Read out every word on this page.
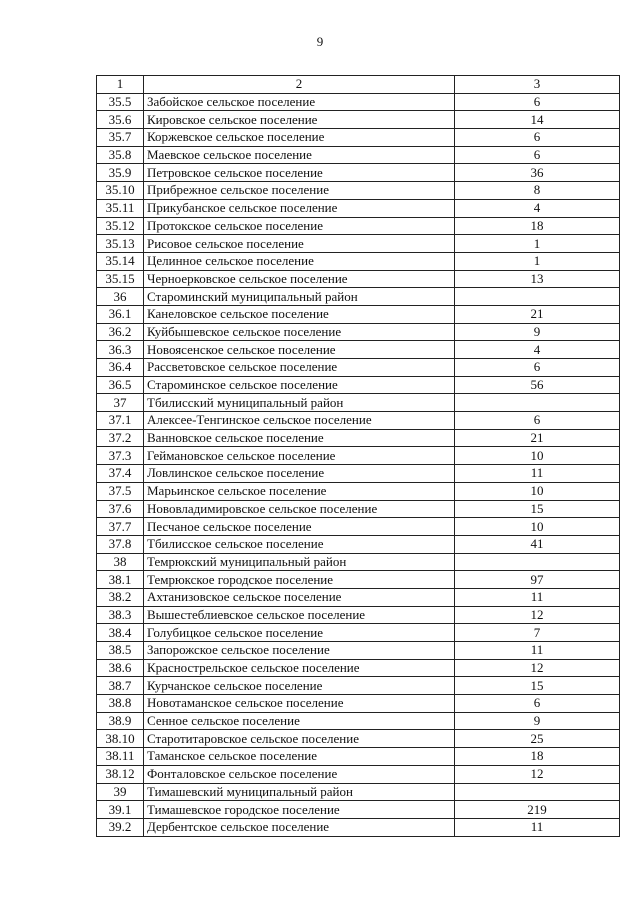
9
1	2	3
35.5	Забойское сельское поселение	6
35.6	Кировское сельское поселение	14
35.7	Коржевское сельское поселение	6
35.8	Маевское сельское поселение	6
35.9	Петровское сельское поселение	36
35.10	Прибрежное сельское поселение	8
35.11	Прикубанское сельское поселение	4
35.12	Протокское сельское поселение	18
35.13	Рисовое сельское поселение	1
35.14	Целинное сельское поселение	1
35.15	Черноерковское сельское поселение	13
36	Староминский муниципальный район	
36.1	Канеловское сельское поселение	21
36.2	Куйбышевское сельское поселение	9
36.3	Новоясенское сельское поселение	4
36.4	Рассветовское сельское поселение	6
36.5	Староминское сельское поселение	56
37	Тбилисский муниципальный район	
37.1	Алексее-Тенгинское сельское поселение	6
37.2	Ванновское сельское поселение	21
37.3	Геймановское сельское поселение	10
37.4	Ловлинское сельское поселение	11
37.5	Марьинское сельское поселение	10
37.6	Нововладимировское сельское поселение	15
37.7	Песчаное сельское поселение	10
37.8	Тбилисское сельское поселение	41
38	Темрюкский муниципальный район	
38.1	Темрюкское городское поселение	97
38.2	Ахтанизовское сельское поселение	11
38.3	Вышестеблиевское сельское поселение	12
38.4	Голубицкое сельское поселение	7
38.5	Запорожское сельское поселение	11
38.6	Краснострельское сельское поселение	12
38.7	Курчанское сельское поселение	15
38.8	Новотаманское сельское поселение	6
38.9	Сенное сельское поселение	9
38.10	Старотитаровское сельское поселение	25
38.11	Таманское сельское поселение	18
38.12	Фонталовское сельское поселение	12
39	Тимашевский муниципальный район	
39.1	Тимашевское городское поселение	219
39.2	Дербентское сельское поселение	11
